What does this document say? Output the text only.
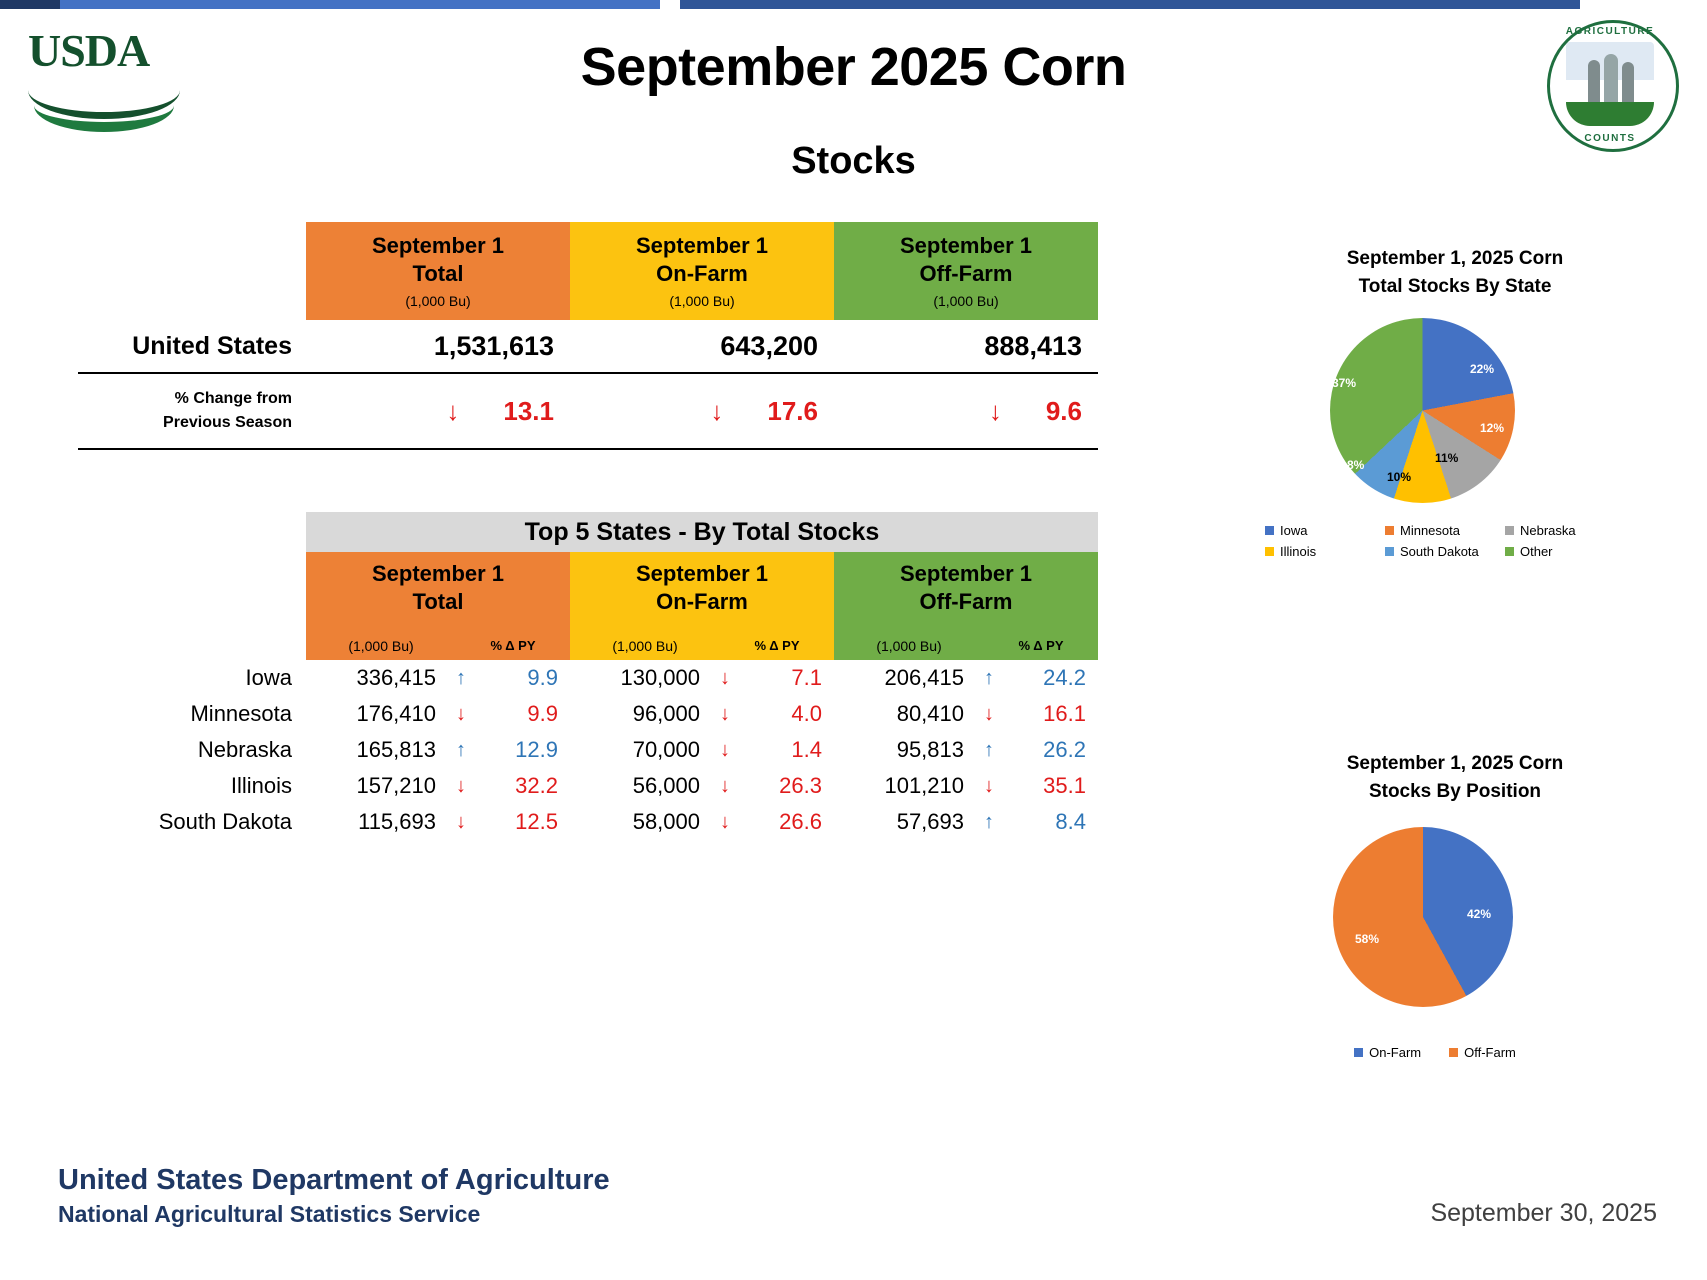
USDA	AGRICULTURE
COUNTS
September 2025 Corn
Stocks
September 1
Total
(1,000 Bu)
September 1
On-Farm
(1,000 Bu)
September 1
Off-Farm
(1,000 Bu)
United States	1,531,613	643,200	888,413
% Change from
Previous Season	↓ 13.1	↓ 17.6	↓ 9.6
Top 5 States - By Total Stocks
September 1
Total
(1,000 Bu)	% Δ PY
September 1
On-Farm
(1,000 Bu)	% Δ PY
September 1
Off-Farm
(1,000 Bu)	% Δ PY
Iowa	336,415	↑	9.9	130,000	↓	7.1	206,415	↑	24.2
Minnesota	176,410	↓	9.9	96,000	↓	4.0	80,410	↓	16.1
Nebraska	165,813	↑	12.9	70,000	↓	1.4	95,813	↑	26.2
Illinois	157,210	↓	32.2	56,000	↓	26.3	101,210	↓	35.1
South Dakota	115,693	↓	12.5	58,000	↓	26.6	57,693	↑	8.4
September 1, 2025 Corn
Total Stocks By State
22%
12%
11%
10%
8%
37%
Iowa	Minnesota	Nebraska
Illinois	South Dakota	Other
September 1, 2025 Corn
Stocks By Position
42%
58%
On-Farm	Off-Farm
United States Department of Agriculture
National Agricultural Statistics Service	September 30, 2025
